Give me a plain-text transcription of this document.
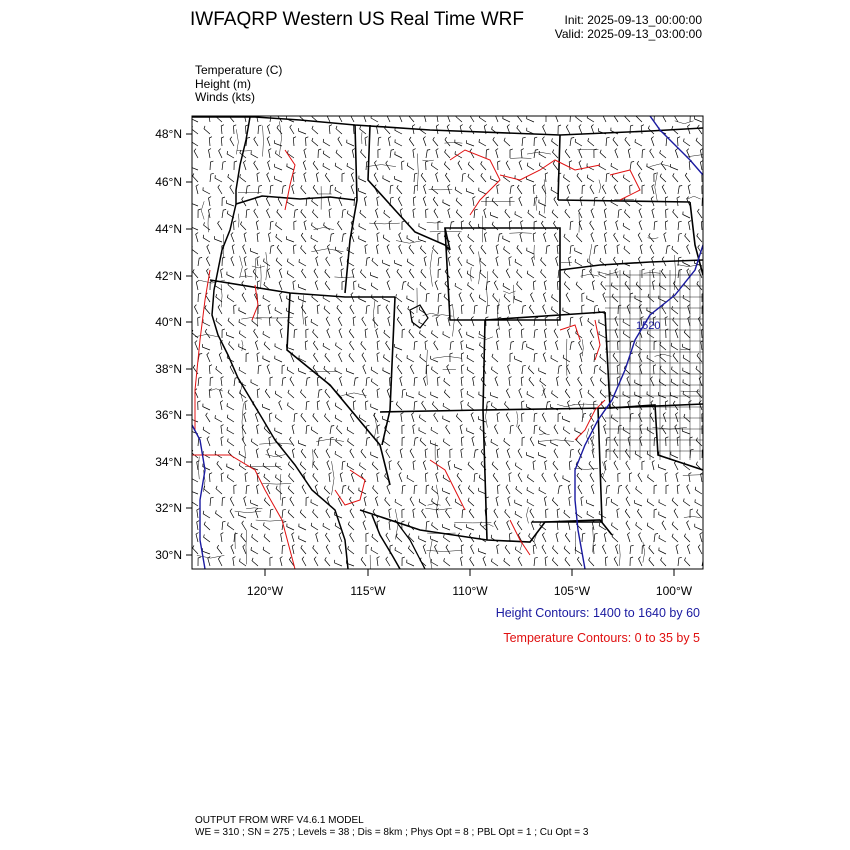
IWFAQRP Western US Real Time WRF	Init: 2025-09-13_00:00:00
Valid: 2025-09-13_03:00:00
Temperature (C)
Height (m)
Winds (kts)
1520
48°N
46°N
44°N
42°N
40°N
38°N
36°N
34°N
32°N
30°N
120°W	115°W	110°W	105°W	100°W
Height Contours: 1400 to 1640 by 60
Temperature Contours: 0 to 35 by 5
OUTPUT FROM WRF V4.6.1 MODEL
WE = 310 ; SN = 275 ; Levels = 38 ; Dis = 8km ; Phys Opt = 8 ; PBL Opt = 1 ; Cu Opt = 3
